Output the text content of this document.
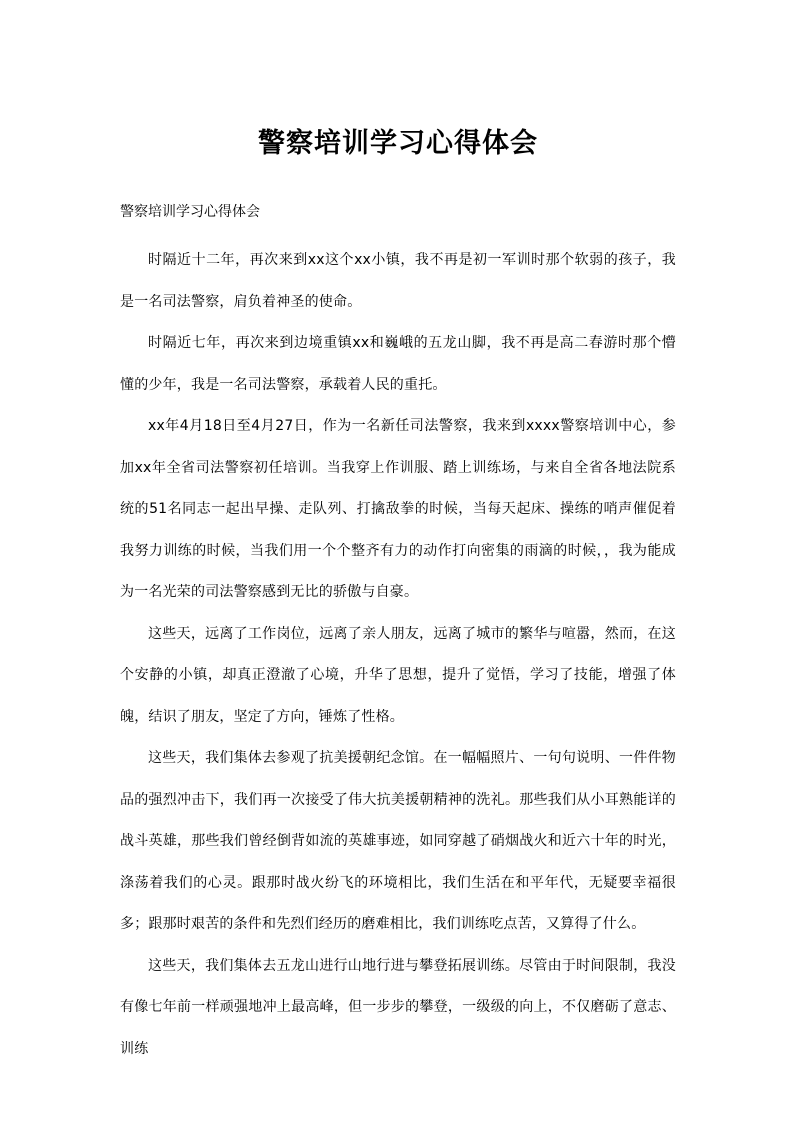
警察培训学习心得体会
警察培训学习心得体会

时隔近十二年，再次来到xx这个xx小镇，我不再是初一军训时那个软弱的孩子，我是一名司法警察，肩负着神圣的使命。

时隔近七年，再次来到边境重镇xx和巍峨的五龙山脚，我不再是高二春游时那个懵懂的少年，我是一名司法警察，承载着人民的重托。

xx年4月18日至4月27日，作为一名新任司法警察，我来到xxxx警察培训中心，参加xx年全省司法警察初任培训。当我穿上作训服、踏上训练场，与来自全省各地法院系统的51名同志一起出早操、走队列、打擒敌拳的时候，当每天起床、操练的哨声催促着我努力训练的时候，当我们用一个个整齐有力的动作打向密集的雨滴的时候，，我为能成为一名光荣的司法警察感到无比的骄傲与自豪。

这些天，远离了工作岗位，远离了亲人朋友，远离了城市的繁华与喧嚣，然而，在这个安静的小镇，却真正澄澈了心境，升华了思想，提升了觉悟，学习了技能，增强了体魄，结识了朋友，坚定了方向，锤炼了性格。

这些天，我们集体去参观了抗美援朝纪念馆。在一幅幅照片、一句句说明、一件件物品的强烈冲击下，我们再一次接受了伟大抗美援朝精神的洗礼。那些我们从小耳熟能详的战斗英雄，那些我们曾经倒背如流的英雄事迹，如同穿越了硝烟战火和近六十年的时光，涤荡着我们的心灵。跟那时战火纷飞的环境相比，我们生活在和平年代，无疑要幸福很多；跟那时艰苦的条件和先烈们经历的磨难相比，我们训练吃点苦，又算得了什么。

这些天，我们集体去五龙山进行山地行进与攀登拓展训练。尽管由于时间限制，我没有像七年前一样顽强地冲上最高峰，但一步步的攀登，一级级的向上，不仅磨砺了意志、训练
